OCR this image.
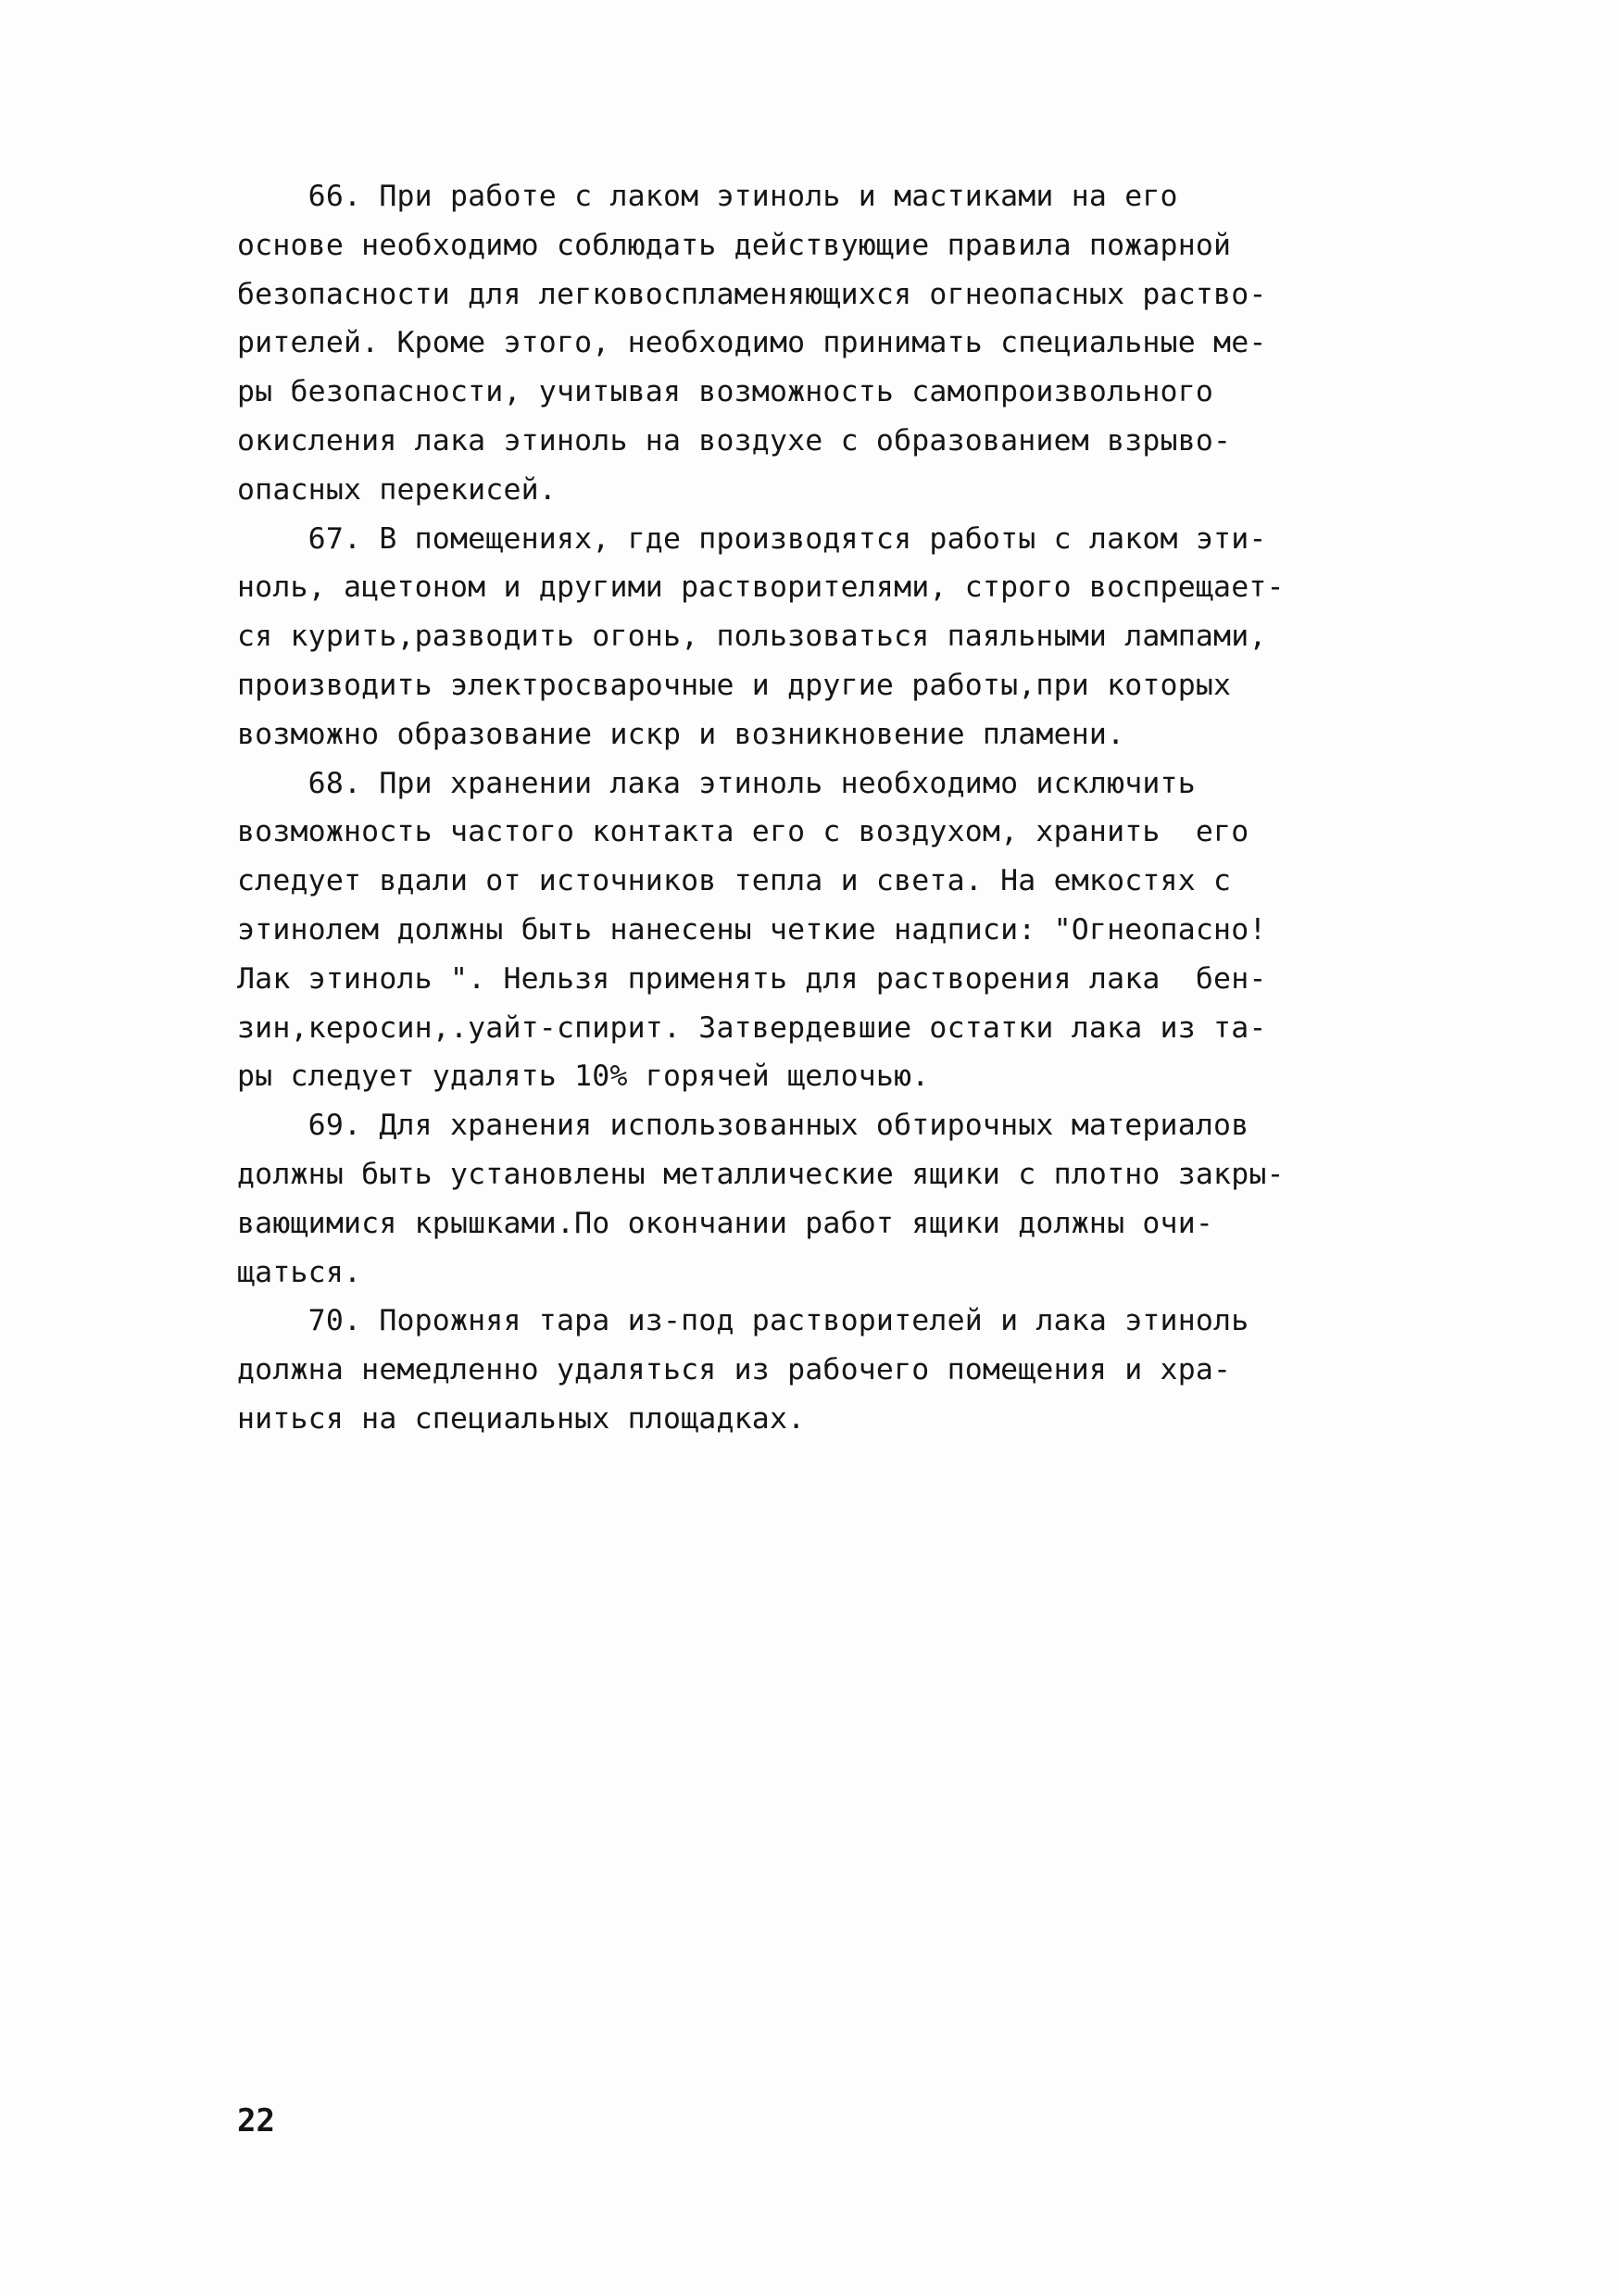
66. При работе с лаком этиноль и мастиками на его
основе необходимо соблюдать действующие правила пожарной
безопасности для легковоспламеняющихся огнеопасных раство-
рителей. Кроме этого, необходимо принимать специальные ме-
ры безопасности, учитывая возможность самопроизвольного
окисления лака этиноль на воздухе с образованием взрыво-
опасных перекисей.
67. В помещениях, где производятся работы с лаком эти-
ноль, ацетоном и другими растворителями, строго воспрещает-
ся курить,разводить огонь, пользоваться паяльными лампами,
производить электросварочные и другие работы,при которых
возможно образование искр и возникновение пламени.
68. При хранении лака этиноль необходимо исключить
возможность частого контакта его с воздухом, хранить  его
следует вдали от источников тепла и света. На емкостях с
этинолем должны быть нанесены четкие надписи: "Огнеопасно!
Лак этиноль ". Нельзя применять для растворения лака  бен-
зин,керосин,.уайт-спирит. Затвердевшие остатки лака из та-
ры следует удалять 10% горячей щелочью.
69. Для хранения использованных обтирочных материалов
должны быть установлены металлические ящики с плотно закры-
вающимися крышками.По окончании работ ящики должны очи-
щаться.
70. Порожняя тара из-под растворителей и лака этиноль
должна немедленно удаляться из рабочего помещения и хра-
ниться на специальных площадках.
22
